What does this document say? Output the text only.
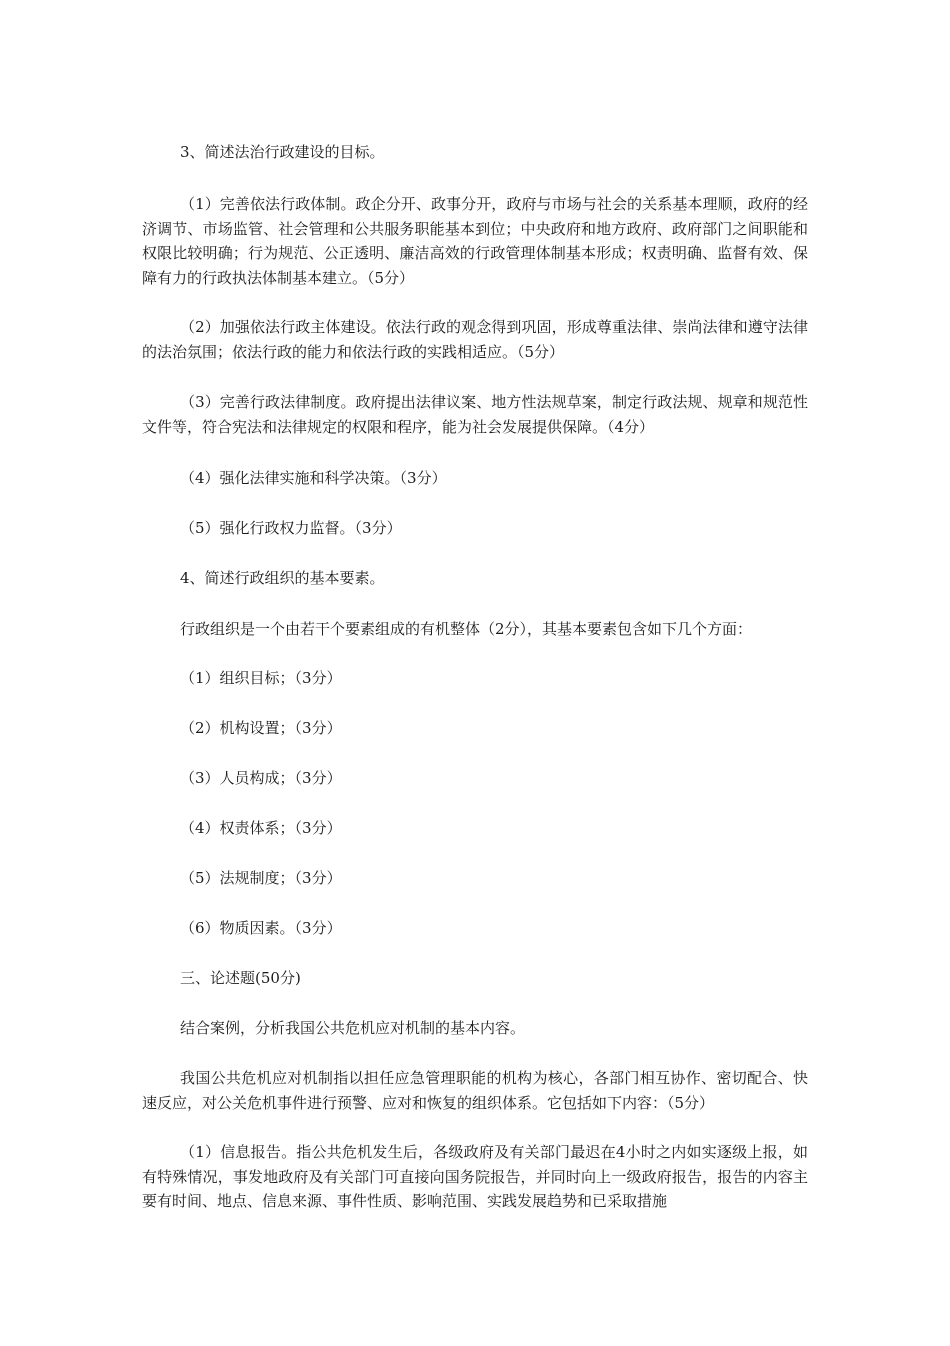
3、简述法治行政建设的目标。

（1）完善依法行政体制。政企分开、政事分开，政府与市场与社会的关系基本理顺，政府的经济调节、市场监管、社会管理和公共服务职能基本到位；中央政府和地方政府、政府部门之间职能和权限比较明确；行为规范、公正透明、廉洁高效的行政管理体制基本形成；权责明确、监督有效、保障有力的行政执法体制基本建立。（5分）

（2）加强依法行政主体建设。依法行政的观念得到巩固，形成尊重法律、崇尚法律和遵守法律的法治氛围；依法行政的能力和依法行政的实践相适应。（5分）

（3）完善行政法律制度。政府提出法律议案、地方性法规草案，制定行政法规、规章和规范性文件等，符合宪法和法律规定的权限和程序，能为社会发展提供保障。（4分）

（4）强化法律实施和科学决策。（3分）

（5）强化行政权力监督。（3分）

4、简述行政组织的基本要素。

行政组织是一个由若干个要素组成的有机整体（2分），其基本要素包含如下几个方面：

（1）组织目标；（3分）

（2）机构设置；（3分）

（3）人员构成；（3分）

（4）权责体系；（3分）

（5）法规制度；（3分）

（6）物质因素。（3分）

三、论述题(50分)

结合案例，分析我国公共危机应对机制的基本内容。

我国公共危机应对机制指以担任应急管理职能的机构为核心，各部门相互协作、密切配合、快速反应，对公关危机事件进行预警、应对和恢复的组织体系。它包括如下内容：（5分）

（1）信息报告。指公共危机发生后，各级政府及有关部门最迟在4小时之内如实逐级上报，如有特殊情况，事发地政府及有关部门可直接向国务院报告，并同时向上一级政府报告，报告的内容主要有时间、地点、信息来源、事件性质、影响范围、实践发展趋势和已采取措施
